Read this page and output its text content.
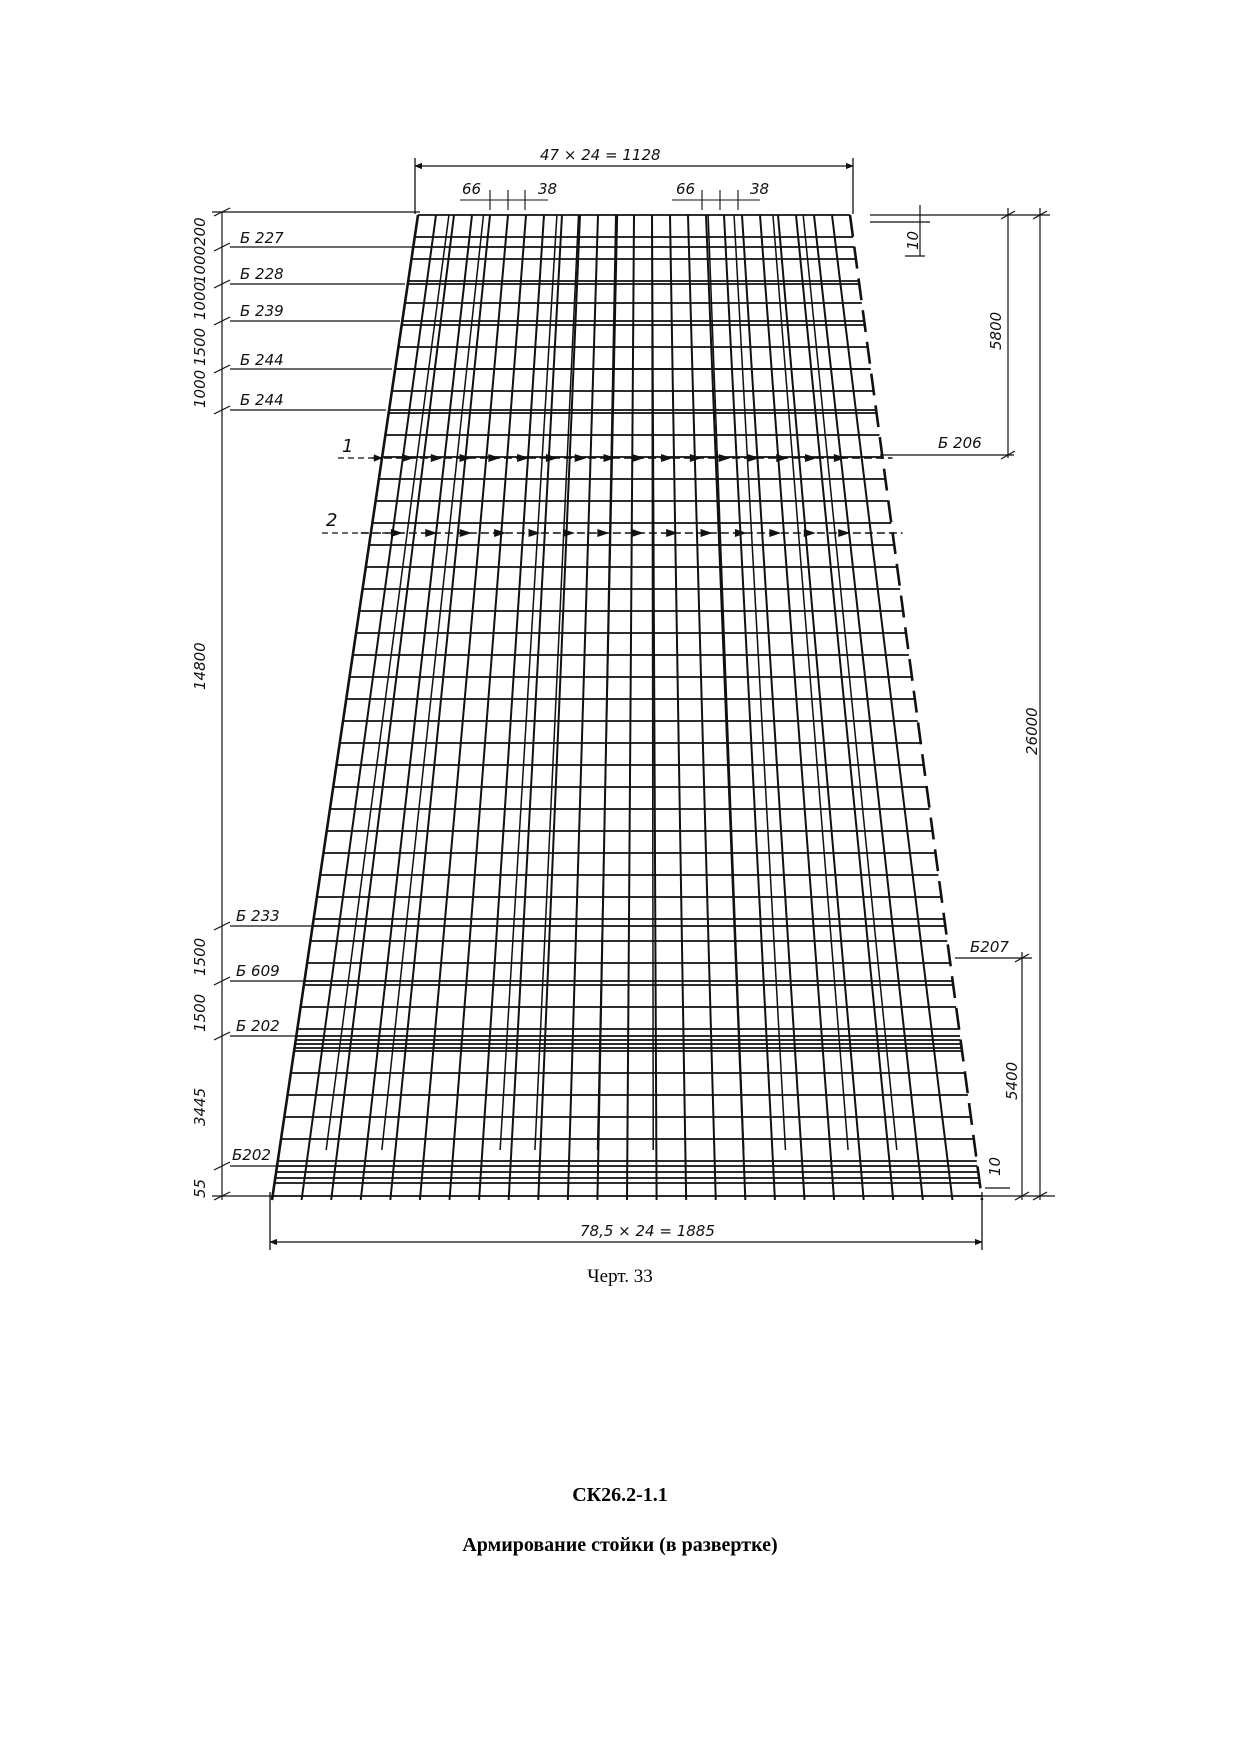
47 × 24 = 1128
66	38	66	38
78,5 × 24 = 1885
200
1000
1000
1500
1000
14800
1500
1500
3445
55
Б 227
Б 228
Б 239
Б 244
Б 244
Б 233
Б 609
Б 202
Б202
1
2
10
5800
26000
5400
10
Б 206
Б207
Черт. 33
СК26.2-1.1
Армирование стойки (в развертке)
